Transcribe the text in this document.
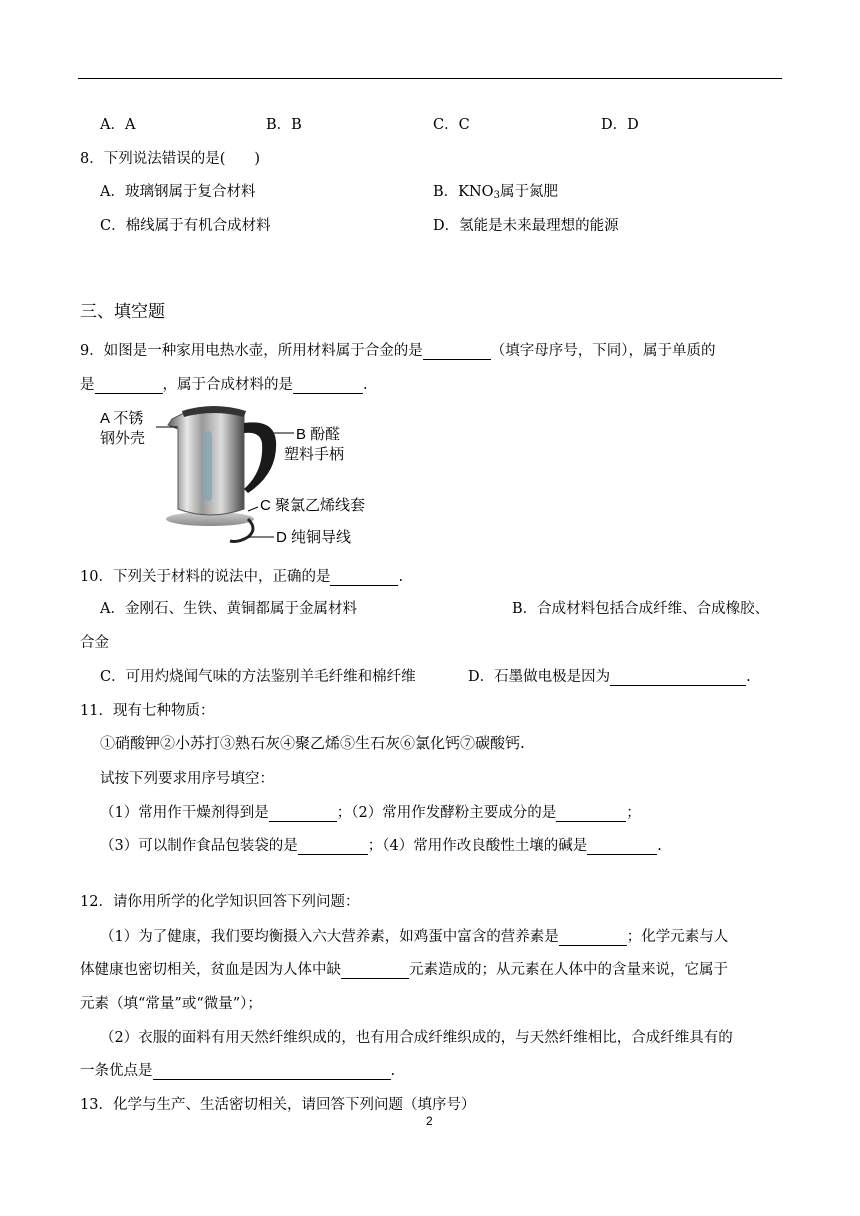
A．A	B．B	C．C	D．D
8．下列说法错误的是(　　)
A．玻璃钢属于复合材料	B．$KNO_3$属于氮肥
C．棉线属于有机合成材料	D．氢能是未来最理想的能源
三、填空题
9．如图是一种家用电热水壶，所用材料属于合金的是	（填字母序号，下同），属于单质的
是	，属于合成材料的是	.
A 不锈
钢外壳	B 酚醛
塑料手柄
C 聚氯乙烯线套
D 纯铜导线
10．下列关于材料的说法中，正确的是	.
A．金刚石、生铁、黄铜都属于金属材料	B．合成材料包括合成纤维、合成橡胶、
合金
C．可用灼烧闻气味的方法鉴别羊毛纤维和棉纤维	D．石墨做电极是因为	.
11．现有七种物质：
①硝酸钾②小苏打③熟石灰④聚乙烯⑤生石灰⑥氯化钙⑦碳酸钙.
试按下列要求用序号填空：
（1）常用作干燥剂得到是	；（2）常用作发酵粉主要成分的是	；
（3）可以制作食品包装袋的是	；（4）常用作改良酸性土壤的碱是	.
12．请你用所学的化学知识回答下列问题：
（1）为了健康，我们要均衡摄入六大营养素，如鸡蛋中富含的营养素是	；化学元素与人
体健康也密切相关，贫血是因为人体中缺	元素造成的；从元素在人体中的含量来说，它属于
元素（填“常量”或“微量”）；
（2）衣服的面料有用天然纤维织成的，也有用合成纤维织成的，与天然纤维相比，合成纤维具有的
一条优点是	.
13．化学与生产、生活密切相关，请回答下列问题（填序号）
2
